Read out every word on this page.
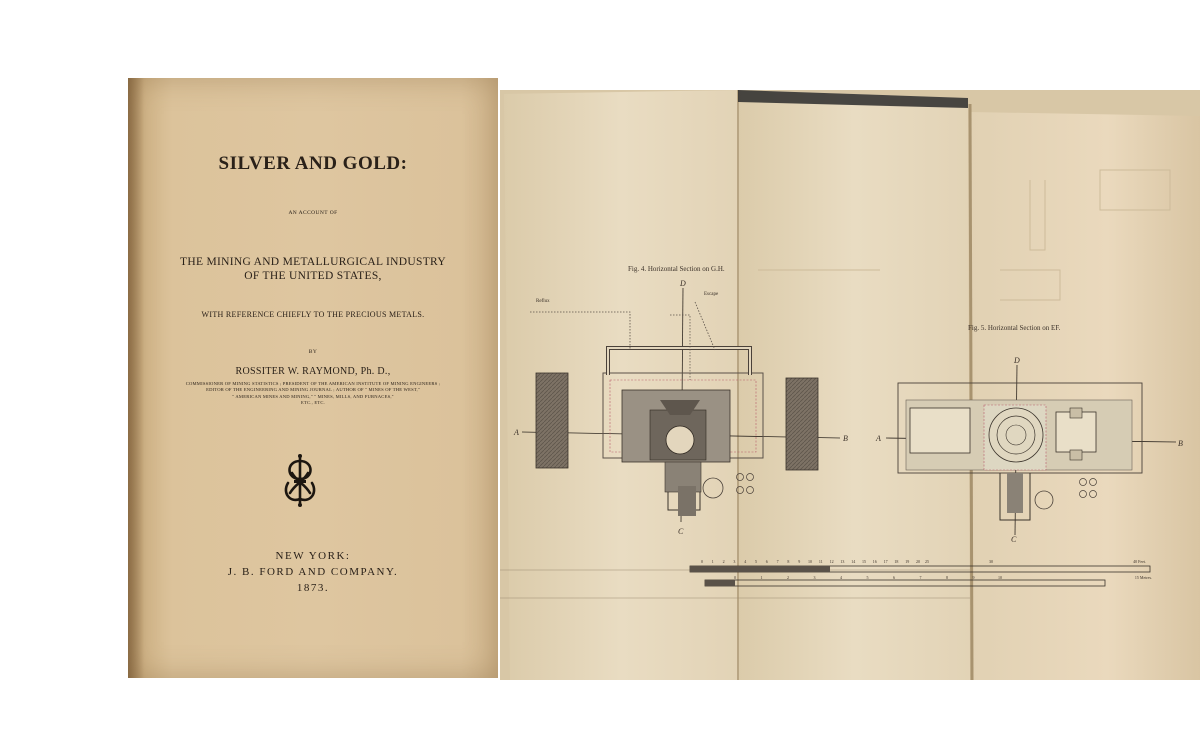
SILVER AND GOLD:
AN ACCOUNT OF
THE MINING AND METALLURGICAL INDUSTRY
OF THE UNITED STATES,
WITH REFERENCE CHIEFLY TO THE PRECIOUS METALS.
BY
ROSSITER W. RAYMOND, Ph. D.,
COMMISSIONER OF MINING STATISTICS ; PRESIDENT OF THE AMERICAN INSTITUTE OF MINING ENGINEERS ;
EDITOR OF THE ENGINEERING AND MINING JOURNAL ; AUTHOR OF " MINES OF THE WEST,"
" AMERICAN MINES AND MINING," " MINES, MILLS, AND FURNACES,"
ETC., ETC.
NEW YORK:
J. B. FORD AND COMPANY.
1873.
Fig. 4. Horizontal Section on G.H.
Fig. 5. Horizontal Section on EF.
A
B
C
D
Escape
Reflux
A
B
C
D
0 1 2 3 4 5 6 7 8 9 10 11 12 13 14 15 16 17 18 19 20 25	30	40 Feet.
0	1	2	3	4	5	6	7	8	9	10	15 Metres.
